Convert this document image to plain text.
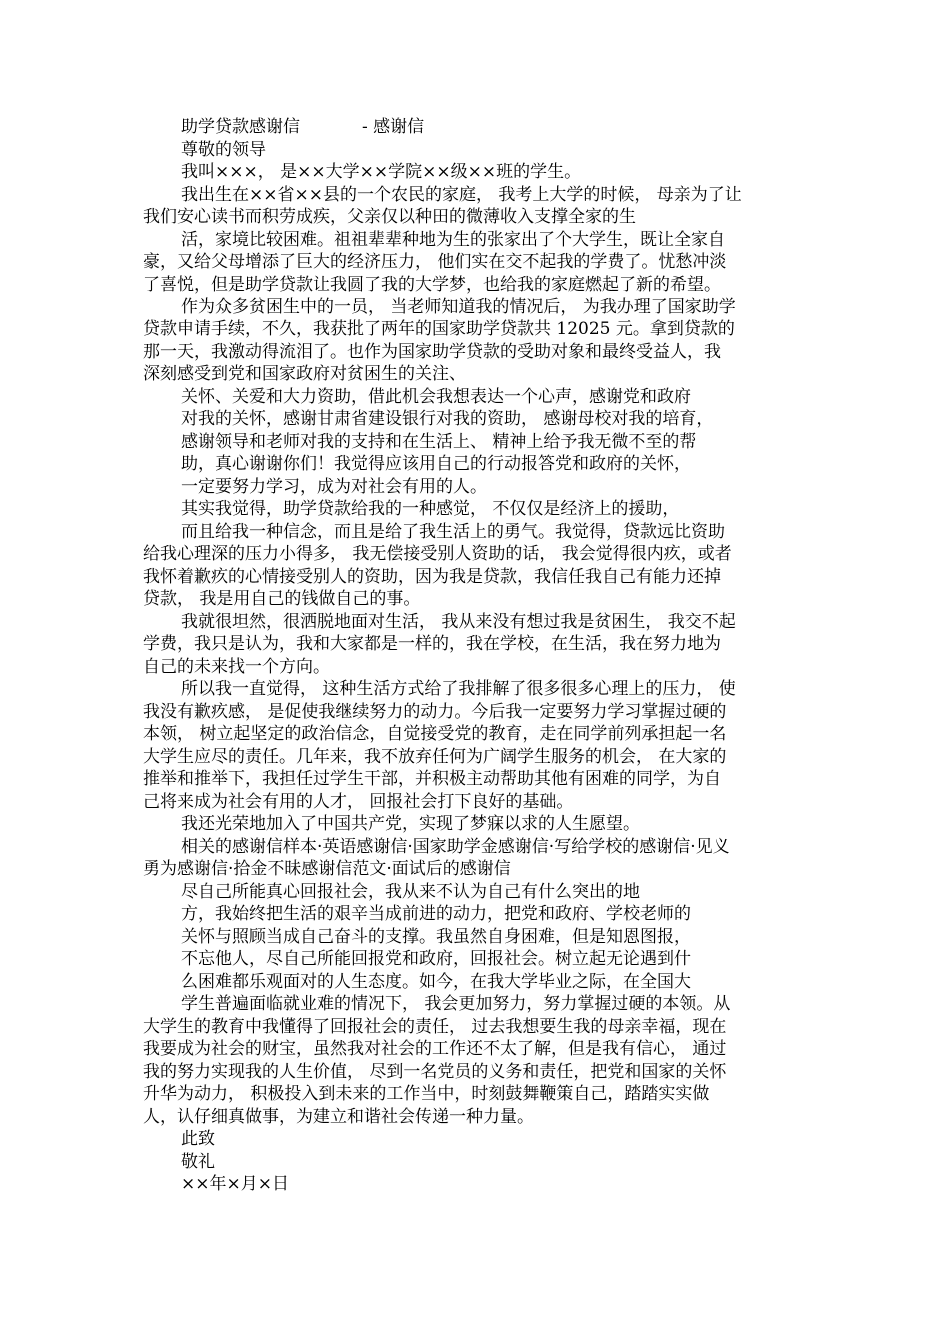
助学贷款感谢信	- 感谢信
尊敬的领导
我叫×××， 是××大学××学院××级××班的学生。
我出生在××省××县的一个农民的家庭， 我考上大学的时候， 母亲为了让
我们安心读书而积劳成疾，父亲仅以种田的微薄收入支撑全家的生
活，家境比较困难。祖祖辈辈种地为生的张家出了个大学生，既让全家自
豪，又给父母增添了巨大的经济压力， 他们实在交不起我的学费了。忧愁冲淡
了喜悦，但是助学贷款让我圆了我的大学梦，也给我的家庭燃起了新的希望。
作为众多贫困生中的一员， 当老师知道我的情况后， 为我办理了国家助学
贷款申请手续，不久，我获批了两年的国家助学贷款共 12025 元。拿到贷款的
那一天，我激动得流泪了。也作为国家助学贷款的受助对象和最终受益人，我
深刻感受到党和国家政府对贫困生的关注、
关怀、关爱和大力资助，借此机会我想表达一个心声，感谢党和政府
对我的关怀，感谢甘肃省建设银行对我的资助， 感谢母校对我的培育，
感谢领导和老师对我的支持和在生活上、 精神上给予我无微不至的帮
助，真心谢谢你们！我觉得应该用自己的行动报答党和政府的关怀，
一定要努力学习，成为对社会有用的人。
其实我觉得，助学贷款给我的一种感觉， 不仅仅是经济上的援助，
而且给我一种信念，而且是给了我生活上的勇气。我觉得，贷款远比资助
给我心理深的压力小得多， 我无偿接受别人资助的话， 我会觉得很内疚，或者
我怀着歉疚的心情接受别人的资助，因为我是贷款，我信任我自己有能力还掉
贷款， 我是用自己的钱做自己的事。
我就很坦然，很洒脱地面对生活， 我从来没有想过我是贫困生， 我交不起
学费，我只是认为，我和大家都是一样的，我在学校，在生活，我在努力地为
自己的未来找一个方向。
所以我一直觉得， 这种生活方式给了我排解了很多很多心理上的压力， 使
我没有歉疚感， 是促使我继续努力的动力。今后我一定要努力学习掌握过硬的
本领， 树立起坚定的政治信念，自觉接受党的教育，走在同学前列承担起一名
大学生应尽的责任。几年来，我不放弃任何为广阔学生服务的机会， 在大家的
推举和推举下，我担任过学生干部，并积极主动帮助其他有困难的同学，为自
己将来成为社会有用的人才， 回报社会打下良好的基础。
我还光荣地加入了中国共产党，实现了梦寐以求的人生愿望。
相关的感谢信样本·英语感谢信·国家助学金感谢信·写给学校的感谢信·见义
勇为感谢信·拾金不昧感谢信范文·面试后的感谢信
尽自己所能真心回报社会，我从来不认为自己有什么突出的地
方，我始终把生活的艰辛当成前进的动力，把党和政府、学校老师的
关怀与照顾当成自己奋斗的支撑。我虽然自身困难，但是知恩图报，
不忘他人，尽自己所能回报党和政府，回报社会。树立起无论遇到什
么困难都乐观面对的人生态度。如今，在我大学毕业之际，在全国大
学生普遍面临就业难的情况下， 我会更加努力，努力掌握过硬的本领。从
大学生的教育中我懂得了回报社会的责任， 过去我想要生我的母亲幸福，现在
我要成为社会的财宝，虽然我对社会的工作还不太了解，但是我有信心， 通过
我的努力实现我的人生价值， 尽到一名党员的义务和责任，把党和国家的关怀
升华为动力， 积极投入到未来的工作当中，时刻鼓舞鞭策自己，踏踏实实做
人，认仔细真做事，为建立和谐社会传递一种力量。
此致
敬礼
××年×月×日
